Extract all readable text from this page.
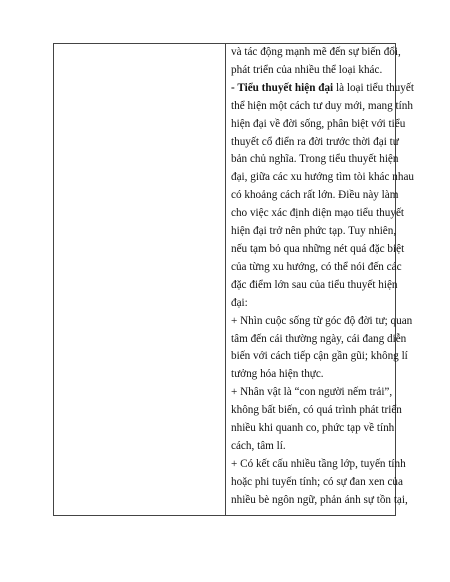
và tác động mạnh mẽ đến sự biến đổi,
phát triển của nhiều thể loại khác.
- Tiểu thuyết hiện đại là loại tiểu thuyết
thể hiện một cách tư duy mới, mang tính
hiện đại về đời sống, phân biệt với tiểu
thuyết cổ điển ra đời trước thời đại tư
bản chủ nghĩa. Trong tiểu thuyết hiện
đại, giữa các xu hướng tìm tòi khác nhau
có khoảng cách rất lớn. Điều này làm
cho việc xác định diện mạo tiểu thuyết
hiện đại trở nên phức tạp. Tuy nhiên,
nếu tạm bỏ qua những nét quá đặc biệt
của từng xu hướng, có thể nói đến các
đặc điểm lớn sau của tiểu thuyết hiện
đại:
+ Nhìn cuộc sống từ góc độ đời tư; quan
tâm đến cái thường ngày, cái đang diễn
biến với cách tiếp cận gần gũi; không lí
tưởng hóa hiện thực.
+ Nhân vật là “con người nếm trải”,
không bất biến, có quá trình phát triển
nhiều khi quanh co, phức tạp về tính
cách, tâm lí.
+ Có kết cấu nhiều tầng lớp, tuyến tính
hoặc phi tuyến tính; có sự đan xen của
nhiều bè ngôn ngữ, phản ánh sự tồn tại,
